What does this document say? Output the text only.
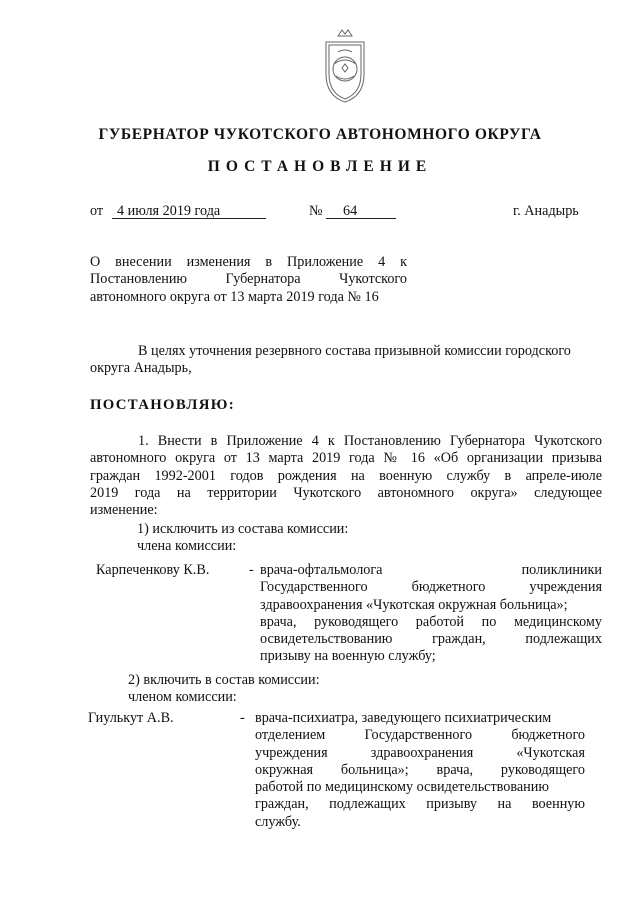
ГУБЕРНАТОР ЧУКОТСКОГО АВТОНОМНОГО ОКРУГА
ПОСТАНОВЛЕНИЕ
от 4 июля 2019 года	№ 64	г. Анадырь
О внесении изменения в Приложение 4 к
Постановлению Губернатора Чукотского
автономного округа от 13 марта 2019 года № 16
В целях уточнения резервного состава призывной комиссии городского
округа Анадырь,
ПОСТАНОВЛЯЮ:
1. Внести в Приложение 4 к Постановлению Губернатора Чукотского
автономного округа от 13 марта 2019 года № 16 «Об организации призыва
граждан 1992-2001 годов рождения на военную службу в апреле-июле
2019 года на территории Чукотского автономного округа» следующее
изменение:
1) исключить из состава комиссии:
члена комиссии:
Карпеченкову К.В.	- врача-офтальмолога поликлиники
Государственного бюджетного учреждения
здравоохранения «Чукотская окружная больница»;
врача, руководящего работой по медицинскому
освидетельствованию граждан, подлежащих
призыву на военную службу;
2) включить в состав комиссии:
членом комиссии:
Гиулькут А.В.	- врача-психиатра, заведующего психиатрическим
отделением Государственного бюджетного
учреждения здравоохранения «Чукотская
окружная больница»; врача, руководящего
работой по медицинскому освидетельствованию
граждан, подлежащих призыву на военную
службу.
